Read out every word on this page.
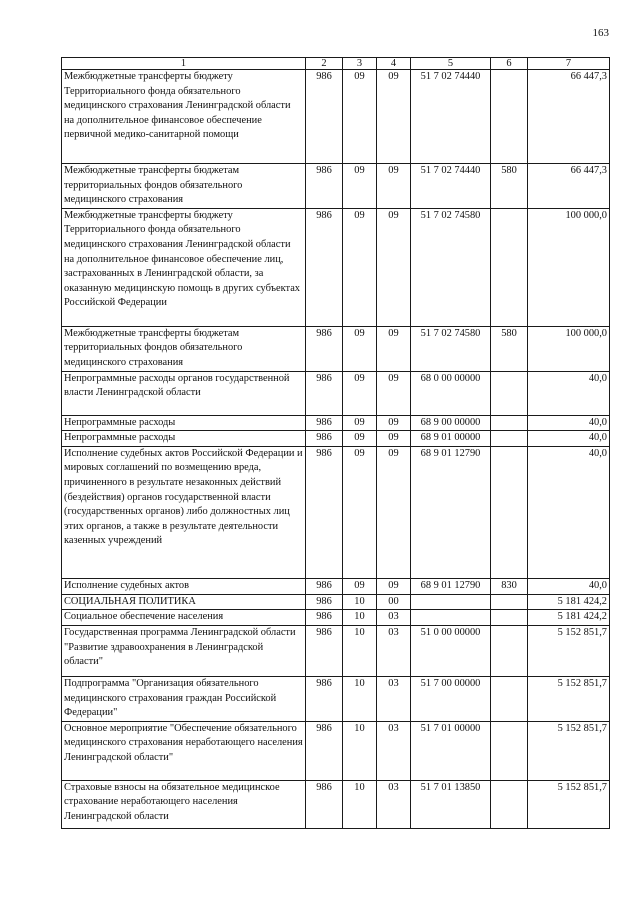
163
1	2	3	4	5	6	7
Межбюджетные трансферты бюджету Территориального фонда обязательного медицинского страхования Ленинградской области на дополнительное финансовое обеспечение первичной медико-санитарной помощи	986	09	09	51 7 02 74440		66 447,3
Межбюджетные трансферты бюджетам территориальных фондов обязательного медицинского страхования	986	09	09	51 7 02 74440	580	66 447,3
Межбюджетные трансферты бюджету Территориального фонда обязательного медицинского страхования Ленинградской области на дополнительное финансовое обеспечение лиц, застрахованных в Ленинградской области, за оказанную медицинскую помощь в других субъектах Российской Федерации	986	09	09	51 7 02 74580		100 000,0
Межбюджетные трансферты бюджетам территориальных фондов обязательного медицинского страхования	986	09	09	51 7 02 74580	580	100 000,0
Непрограммные расходы органов государственной власти Ленинградской области	986	09	09	68 0 00 00000		40,0
Непрограммные расходы	986	09	09	68 9 00 00000		40,0
Непрограммные расходы	986	09	09	68 9 01 00000		40,0
Исполнение судебных актов Российской Федерации и мировых соглашений по возмещению вреда, причиненного в результате незаконных действий (бездействия) органов государственной власти (государственных органов) либо должностных лиц этих органов, а также в результате деятельности казенных учреждений	986	09	09	68 9 01 12790		40,0
Исполнение судебных актов	986	09	09	68 9 01 12790	830	40,0
СОЦИАЛЬНАЯ ПОЛИТИКА	986	10	00			5 181 424,2
Социальное обеспечение населения	986	10	03			5 181 424,2
Государственная программа Ленинградской области "Развитие здравоохранения в Ленинградской области"	986	10	03	51 0 00 00000		5 152 851,7
Подпрограмма "Организация обязательного медицинского страхования граждан Российской Федерации"	986	10	03	51 7 00 00000		5 152 851,7
Основное мероприятие "Обеспечение обязательного медицинского страхования неработающего населения Ленинградской области"	986	10	03	51 7 01 00000		5 152 851,7
Страховые взносы на обязательное медицинское страхование неработающего населения Ленинградской области	986	10	03	51 7 01 13850		5 152 851,7
